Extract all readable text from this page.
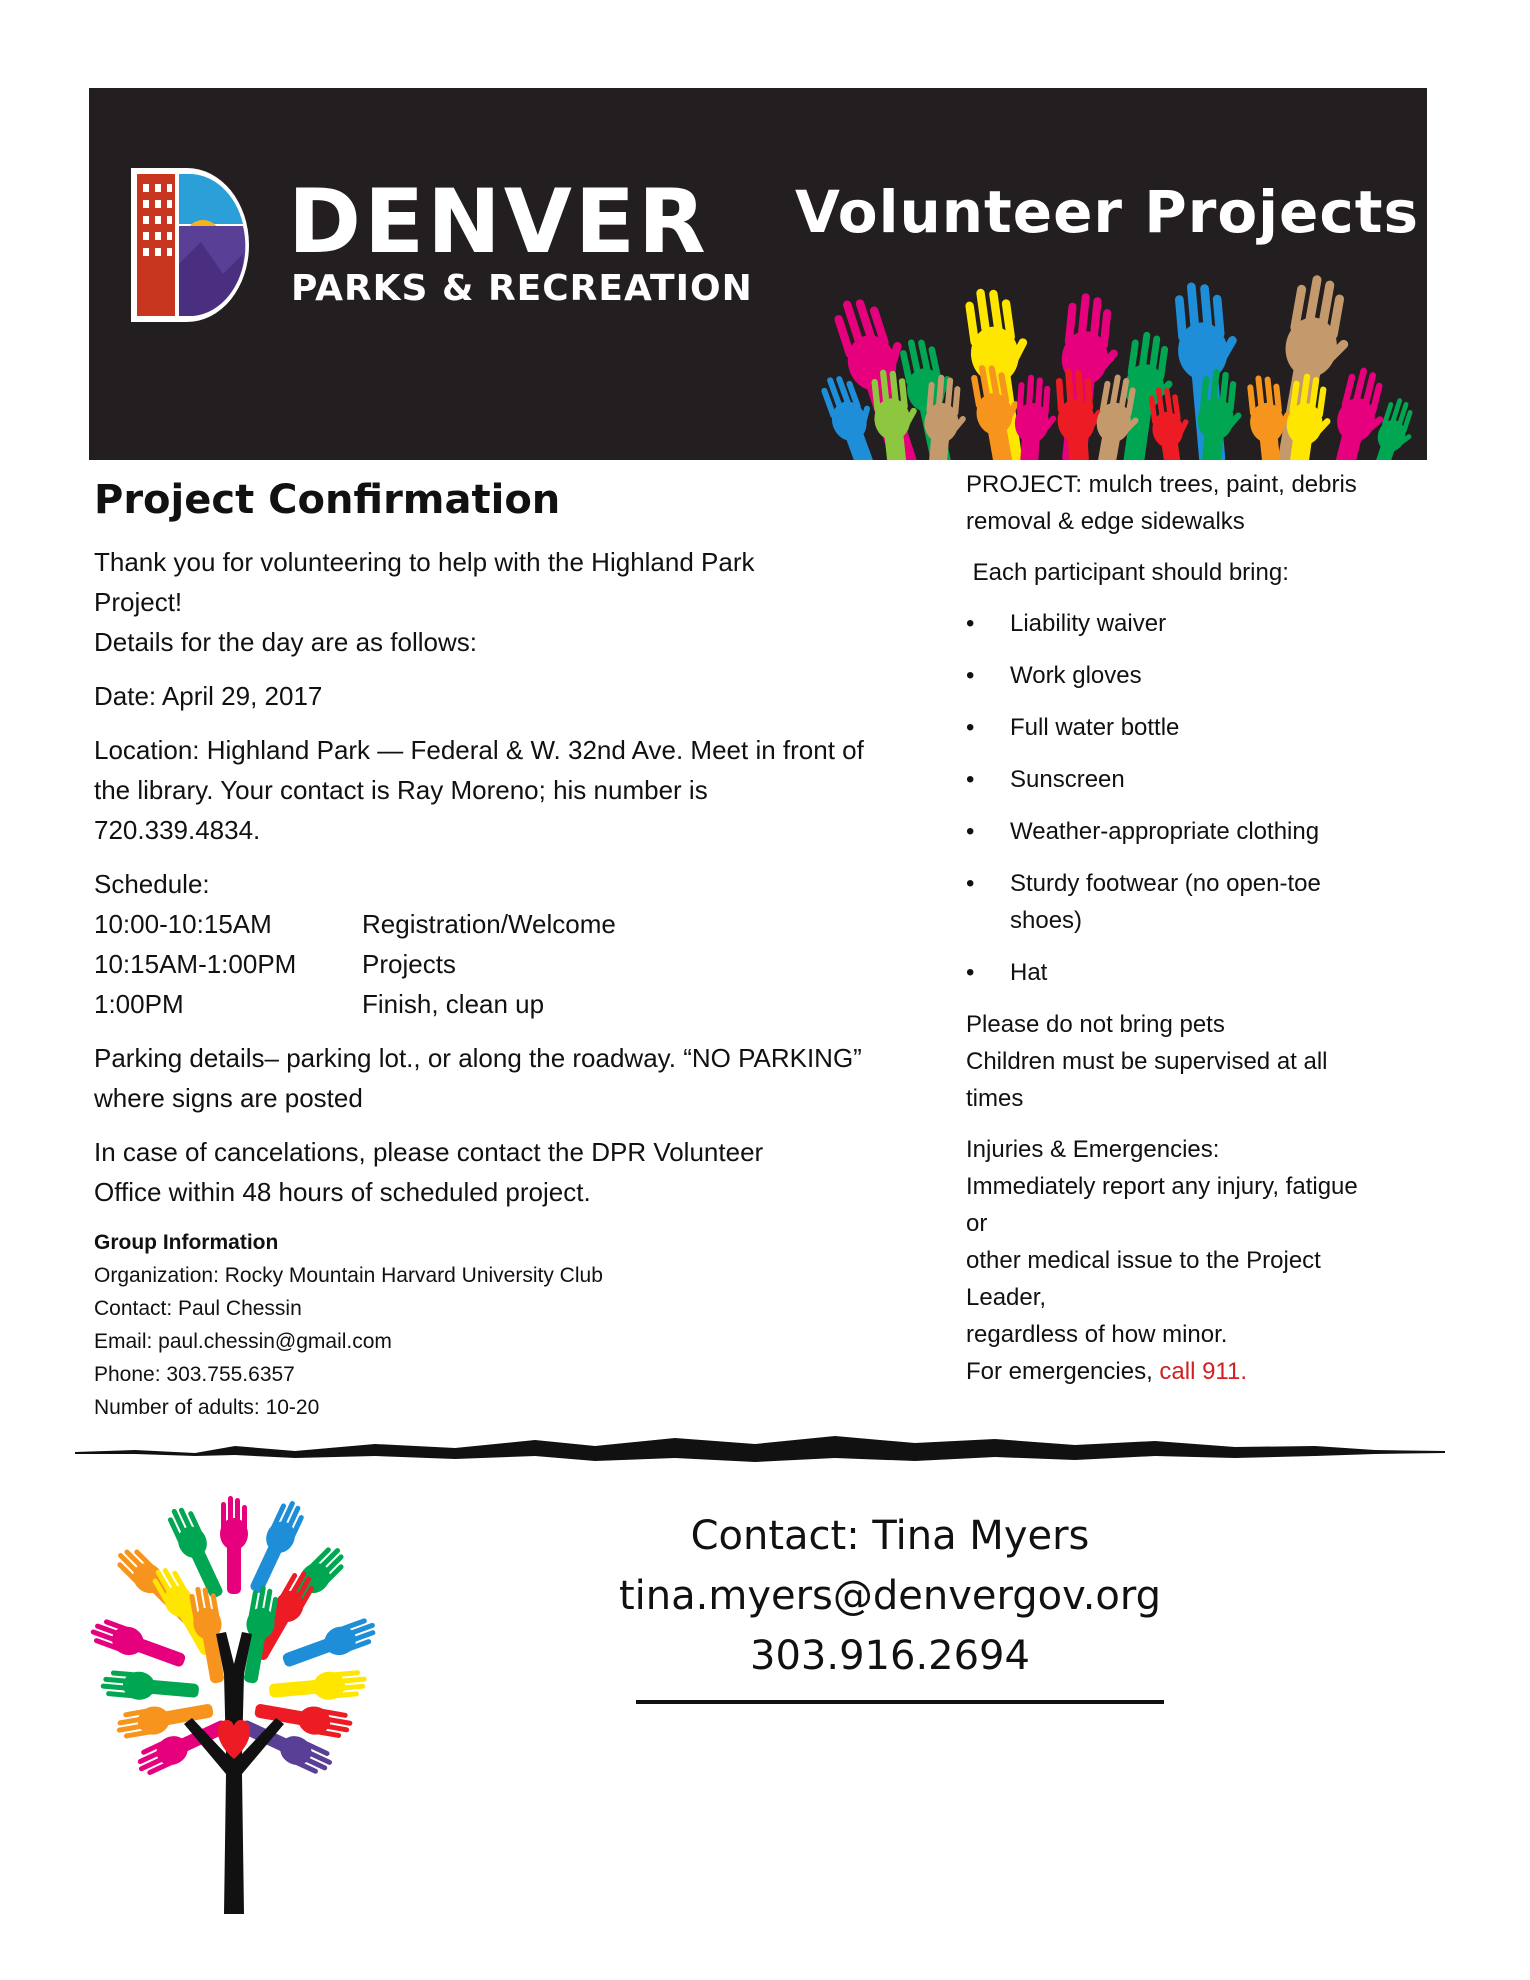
DENVER
PARKS & RECREATION
Volunteer Projects
Project Confirmation
Thank you for volunteering to help with the Highland Park
Project!
Details for the day are as follows:
Date: April 29, 2017
Location: Highland Park — Federal & W. 32nd Ave. Meet in front of
the library. Your contact is Ray Moreno; his number is
720.339.4834.
Schedule:
10:00-10:15AM	Registration/Welcome
10:15AM-1:00PM	Projects
1:00PM	Finish, clean up
Parking details– parking lot., or along the roadway. “NO PARKING”
where signs are posted
In case of cancelations, please contact the DPR Volunteer
Office within 48 hours of scheduled project.
Group Information
Organization: Rocky Mountain Harvard University Club
Contact: Paul Chessin
Email: paul.chessin@gmail.com
Phone: 303.755.6357
Number of adults: 10-20
PROJECT: mulch trees, paint, debris
removal & edge sidewalks
Each participant should bring:
• Liability waiver
• Work gloves
• Full water bottle
• Sunscreen
• Weather-appropriate clothing
• Sturdy footwear (no open-toe
shoes)
• Hat
Please do not bring pets
Children must be supervised at all
times
Injuries & Emergencies:
Immediately report any injury, fatigue
or
other medical issue to the Project
Leader,
regardless of how minor.
For emergencies, call 911.
Contact: Tina Myers
tina.myers@denvergov.org
303.916.2694
